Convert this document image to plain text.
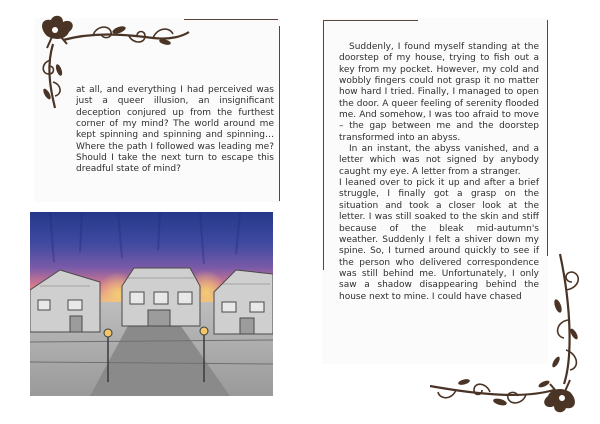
at all, and everything I had perceived was just a queer illusion, an insignificant deception conjured up from the furthest corner of my mind? The world around me kept spinning and spinning and spinning… Where the path I followed was leading me? Should I take the next turn to escape this dreadful state of mind?

Suddenly, I found myself standing at the doorstep of my house, trying to fish out a key from my pocket. However, my cold and wobbly fingers could not grasp it no matter how hard I tried. Finally, I managed to open the door. A queer feeling of serenity flooded me. And somehow, I was too afraid to move – the gap between me and the doorstep transformed into an abyss.

In an instant, the abyss vanished, and a letter which was not signed by anybody caught my eye. A letter from a stranger.

I leaned over to pick it up and after a brief struggle, I finally got a grasp on the situation and took a closer look at the letter. I was still soaked to the skin and stiff because of the bleak mid-autumn's weather. Suddenly I felt a shiver down my spine. So, I turned around quickly to see if the person who delivered correspondence was still behind me. Unfortunately, I only saw a shadow disappearing behind the house next to mine. I could have chased
